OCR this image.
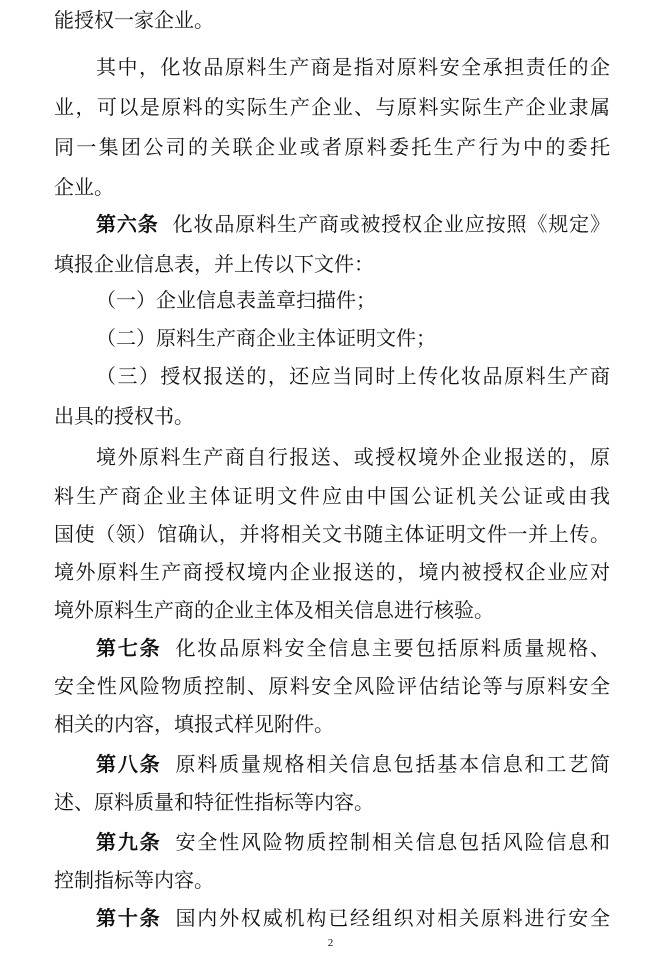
能授权一家企业。
其中，化妆品原料生产商是指对原料安全承担责任的企
业，可以是原料的实际生产企业、与原料实际生产企业隶属
同一集团公司的关联企业或者原料委托生产行为中的委托
企业。
第六条 化妆品原料生产商或被授权企业应按照《规定》
填报企业信息表，并上传以下文件：
（一）企业信息表盖章扫描件；
（二）原料生产商企业主体证明文件；
（三）授权报送的，还应当同时上传化妆品原料生产商
出具的授权书。
境外原料生产商自行报送、或授权境外企业报送的，原
料生产商企业主体证明文件应由中国公证机关公证或由我
国使（领）馆确认，并将相关文书随主体证明文件一并上传。
境外原料生产商授权境内企业报送的，境内被授权企业应对
境外原料生产商的企业主体及相关信息进行核验。
第七条 化妆品原料安全信息主要包括原料质量规格、
安全性风险物质控制、原料安全风险评估结论等与原料安全
相关的内容，填报式样见附件。
第八条 原料质量规格相关信息包括基本信息和工艺简
述、原料质量和特征性指标等内容。
第九条 安全性风险物质控制相关信息包括风险信息和
控制指标等内容。
第十条 国内外权威机构已经组织对相关原料进行安全
2
